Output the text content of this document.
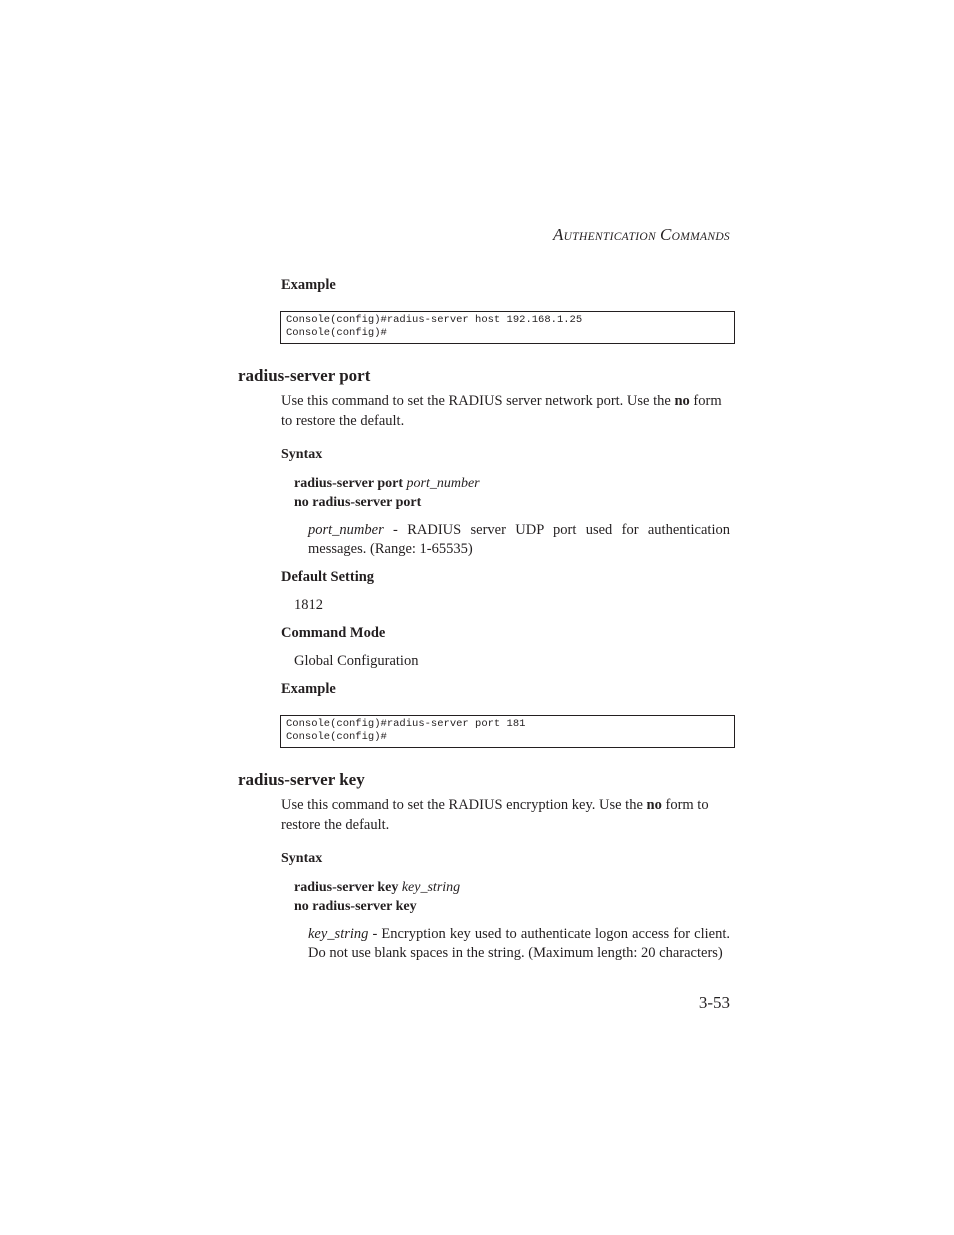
AUTHENTICATION COMMANDS
Example
Console(config)#radius-server host 192.168.1.25
Console(config)#
radius-server port
Use this command to set the RADIUS server network port. Use the no form to restore the default.
Syntax
radius-server port port_number
no radius-server port
port_number - RADIUS server UDP port used for authentication messages. (Range: 1-65535)
Default Setting
1812
Command Mode
Global Configuration
Example
Console(config)#radius-server port 181
Console(config)#
radius-server key
Use this command to set the RADIUS encryption key. Use the no form to restore the default.
Syntax
radius-server key key_string
no radius-server key
key_string - Encryption key used to authenticate logon access for client. Do not use blank spaces in the string. (Maximum length: 20 characters)
3-53
